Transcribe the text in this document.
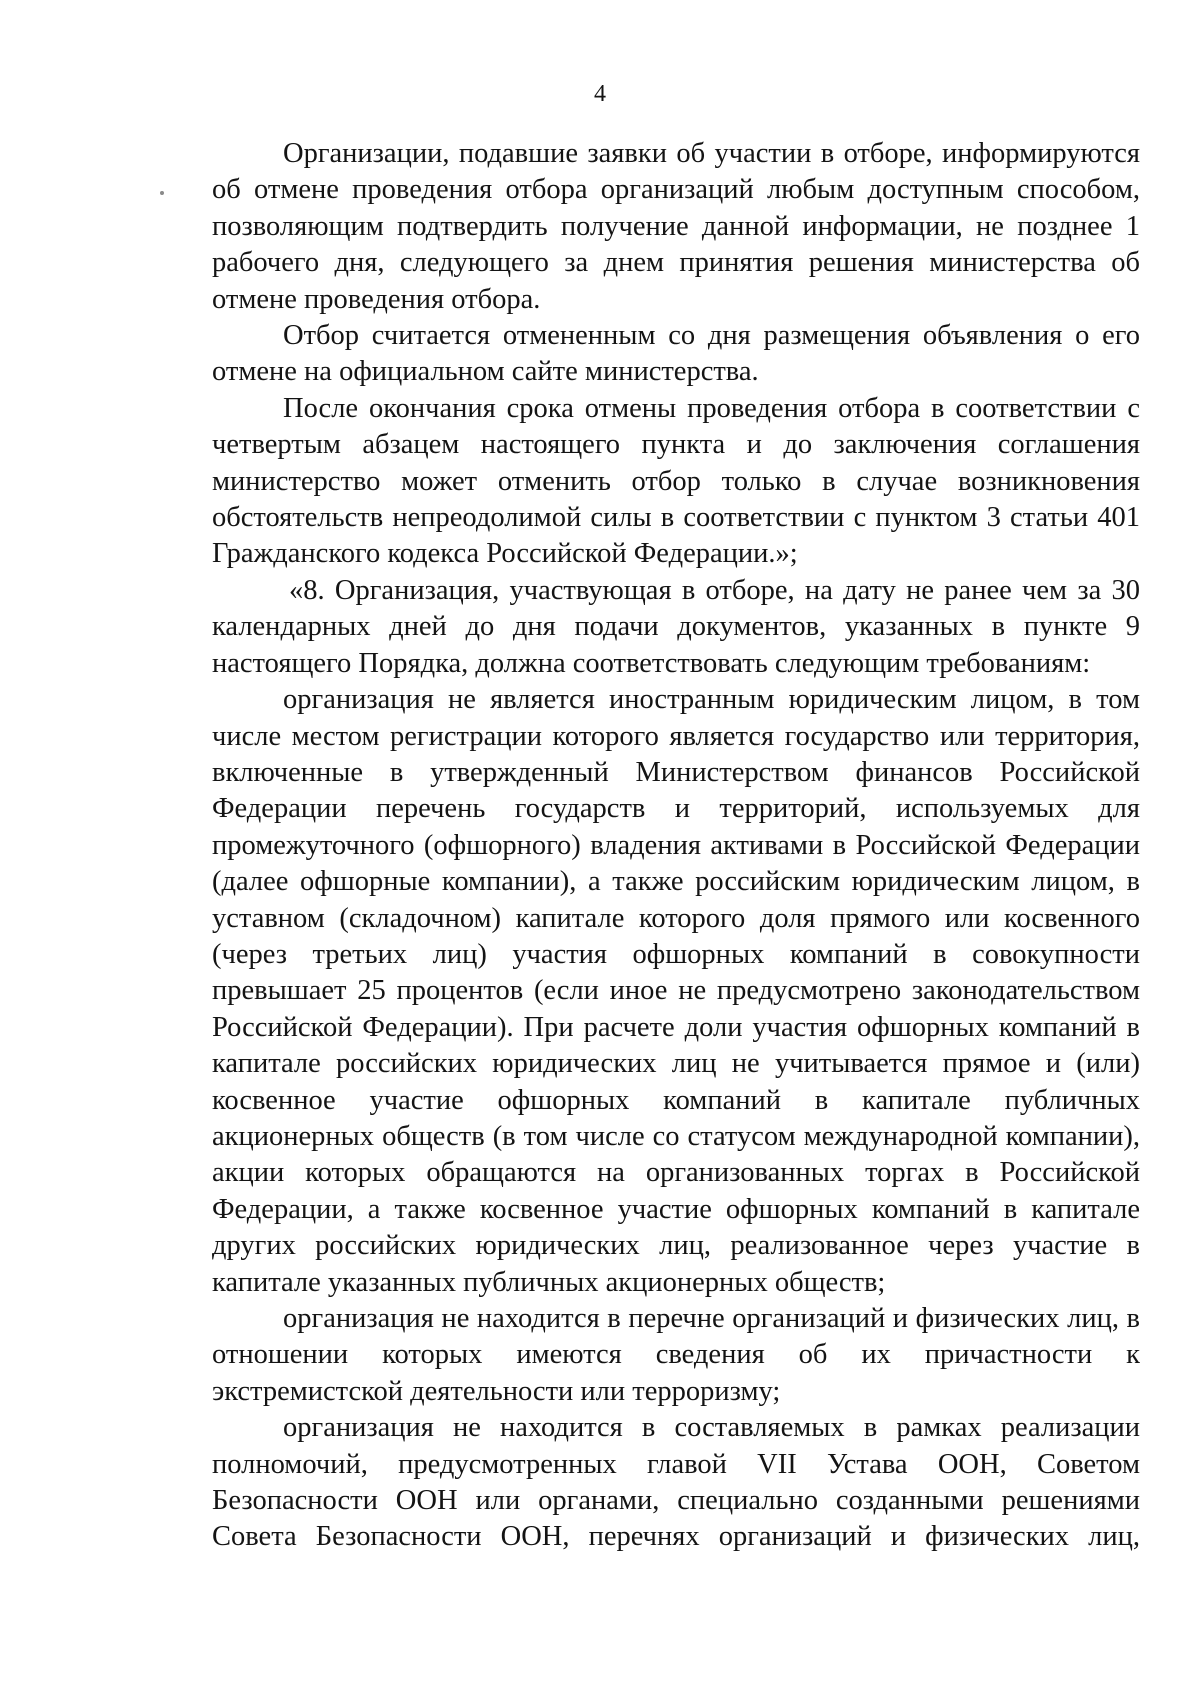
4

Организации, подавшие заявки об участии в отборе, информируются об отмене проведения отбора организаций любым доступным способом, позволяющим подтвердить получение данной информации, не позднее 1 рабочего дня, следующего за днем принятия решения министерства об отмене проведения отбора.

Отбор считается отмененным со дня размещения объявления о его отмене на официальном сайте министерства.

После окончания срока отмены проведения отбора в соответствии с четвертым абзацем настоящего пункта и до заключения соглашения министерство может отменить отбор только в случае возникновения обстоятельств непреодолимой силы в соответствии с пунктом 3 статьи 401 Гражданского кодекса Российской Федерации.»;

«8. Организация, участвующая в отборе, на дату не ранее чем за 30 календарных дней до дня подачи документов, указанных в пункте 9 настоящего Порядка, должна соответствовать следующим требованиям:

организация не является иностранным юридическим лицом, в том числе местом регистрации которого является государство или территория, включенные в утвержденный Министерством финансов Российской Федерации перечень государств и территорий, используемых для промежуточного (офшорного) владения активами в Российской Федерации (далее офшорные компании), а также российским юридическим лицом, в уставном (складочном) капитале которого доля прямого или косвенного (через третьих лиц) участия офшорных компаний в совокупности превышает 25 процентов (если иное не предусмотрено законодательством Российской Федерации). При расчете доли участия офшорных компаний в капитале российских юридических лиц не учитывается прямое и (или) косвенное участие офшорных компаний в капитале публичных акционерных обществ (в том числе со статусом международной компании), акции которых обращаются на организованных торгах в Российской Федерации, а также косвенное участие офшорных компаний в капитале других российских юридических лиц, реализованное через участие в капитале указанных публичных акционерных обществ;

организация не находится в перечне организаций и физических лиц, в отношении которых имеются сведения об их причастности к экстремистской деятельности или терроризму;

организация не находится в составляемых в рамках реализации полномочий, предусмотренных главой VII Устава ООН, Советом Безопасности ООН или органами, специально созданными решениями Совета Безопасности ООН, перечнях организаций и физических лиц,
